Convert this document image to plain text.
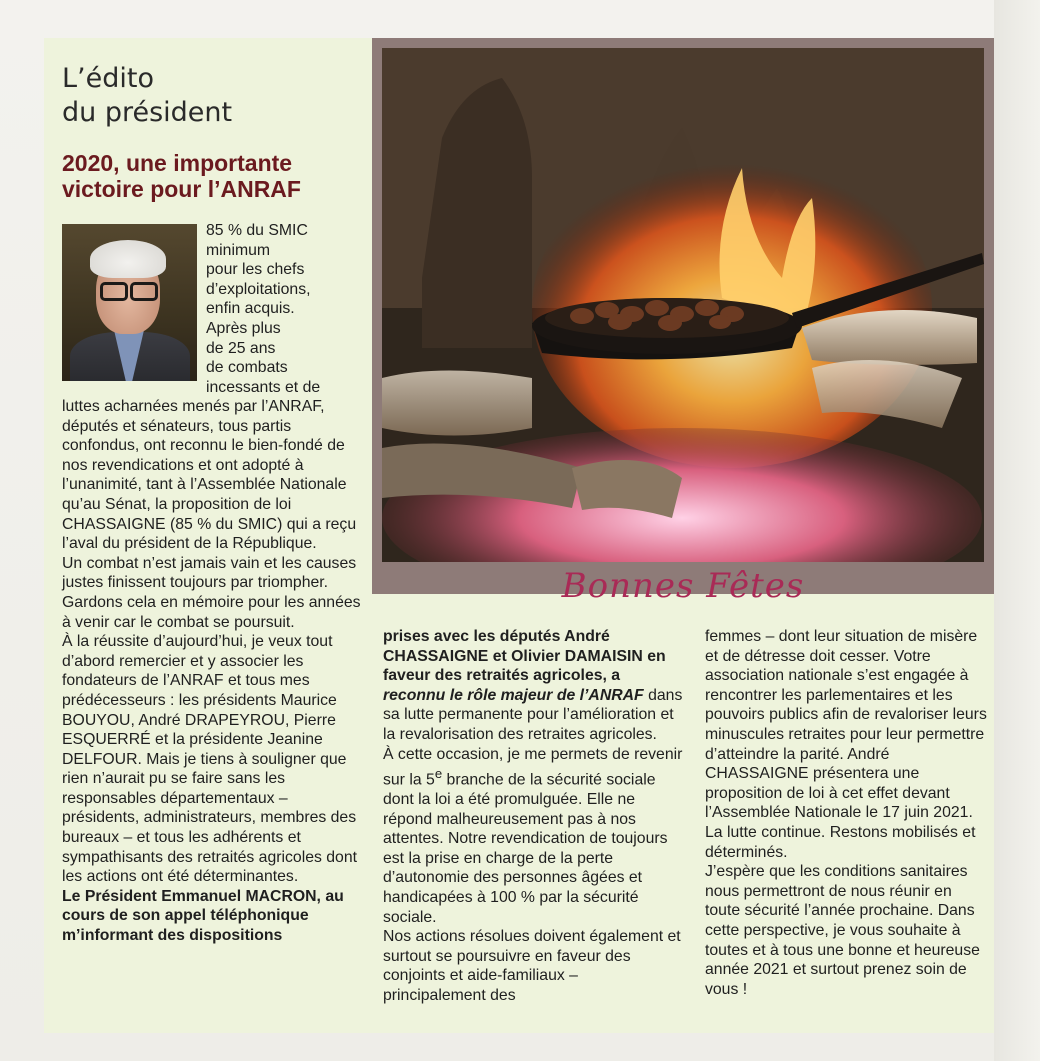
L’édito
du président
2020, une importante
victoire pour l’ANRAF
85 % du SMIC
minimum
pour les chefs
d’exploitations,
enfin acquis.
Après plus
de 25 ans
de combats
incessants et de

luttes acharnées menés par l’ANRAF, députés et sénateurs, tous partis confondus, ont reconnu le bien-fondé de nos revendications et ont adopté à l’unanimité, tant à l’Assemblée Nationale qu’au Sénat, la proposition de loi CHASSAIGNE (85 % du SMIC) qui a reçu l’aval du président de la République.

Un combat n’est jamais vain et les causes justes finissent toujours par triompher. Gardons cela en mémoire pour les années à venir car le combat se poursuit.

À la réussite d’aujourd’hui, je veux tout d’abord remercier et y associer les fondateurs de l’ANRAF et tous mes prédécesseurs : les présidents Maurice BOUYOU, André DRAPEYROU, Pierre ESQUERRÉ et la présidente Jeanine DELFOUR. Mais je tiens à souligner que rien n’aurait pu se faire sans les responsables départementaux – présidents, administrateurs, membres des bureaux – et tous les adhérents et sympathisants des retraités agricoles dont les actions ont été déterminantes.

Le Président Emmanuel MACRON, au cours de son appel téléphonique m’informant des dispositions

Bonnes Fêtes

prises avec les députés André CHASSAIGNE et Olivier DAMAISIN en faveur des retraités agricoles, a reconnu le rôle majeur de l’ANRAF dans sa lutte permanente pour l’amélioration et la revalorisation des retraites agricoles.

À cette occasion, je me permets de revenir sur la 5e branche de la sécurité sociale dont la loi a été promulguée. Elle ne répond malheureusement pas à nos attentes. Notre revendication de toujours est la prise en charge de la perte d’autonomie des personnes âgées et handicapées à 100 % par la sécurité sociale.

Nos actions résolues doivent également et surtout se poursuivre en faveur des conjoints et aide-familiaux – principalement des

femmes – dont leur situation de misère et de détresse doit cesser. Votre association nationale s’est engagée à rencontrer les parlementaires et les pouvoirs publics afin de revaloriser leurs minuscules retraites pour leur permettre d’atteindre la parité. André CHASSAIGNE présentera une proposition de loi à cet effet devant l’Assemblée Nationale le 17 juin 2021.

La lutte continue. Restons mobilisés et déterminés.

J’espère que les conditions sanitaires nous permettront de nous réunir en toute sécurité l’année prochaine. Dans cette perspective, je vous souhaite à toutes et à tous une bonne et heureuse année 2021 et surtout prenez soin de vous !
